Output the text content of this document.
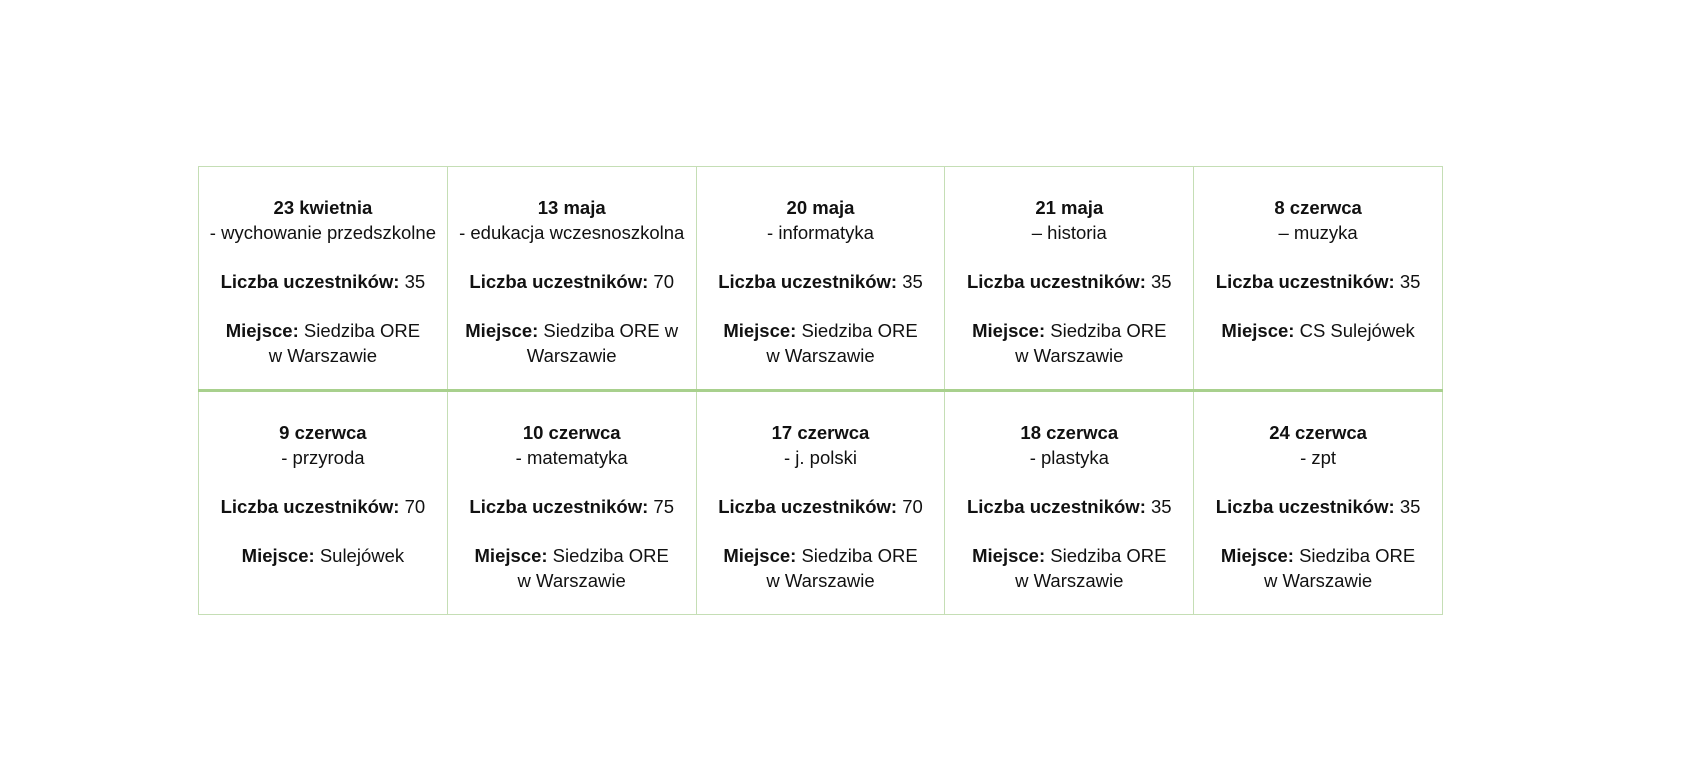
23 kwietnia
- wychowanie przedszkolne
Liczba uczestników: 35
Miejsce: Siedziba ORE
w Warszawie	13 maja
- edukacja wczesnoszkolna
Liczba uczestników: 70
Miejsce: Siedziba ORE w
Warszawie	20 maja
- informatyka
Liczba uczestników: 35
Miejsce: Siedziba ORE
w Warszawie	21 maja
– historia
Liczba uczestników: 35
Miejsce: Siedziba ORE
w Warszawie	8 czerwca
– muzyka
Liczba uczestników: 35
Miejsce: CS Sulejówek

9 czerwca
- przyroda
Liczba uczestników: 70
Miejsce: Sulejówek	10 czerwca
- matematyka
Liczba uczestników: 75
Miejsce: Siedziba ORE
w Warszawie	17 czerwca
- j. polski
Liczba uczestników: 70
Miejsce: Siedziba ORE
w Warszawie	18 czerwca
- plastyka
Liczba uczestników: 35
Miejsce: Siedziba ORE
w Warszawie	24 czerwca
- zpt
Liczba uczestników: 35
Miejsce: Siedziba ORE
w Warszawie
